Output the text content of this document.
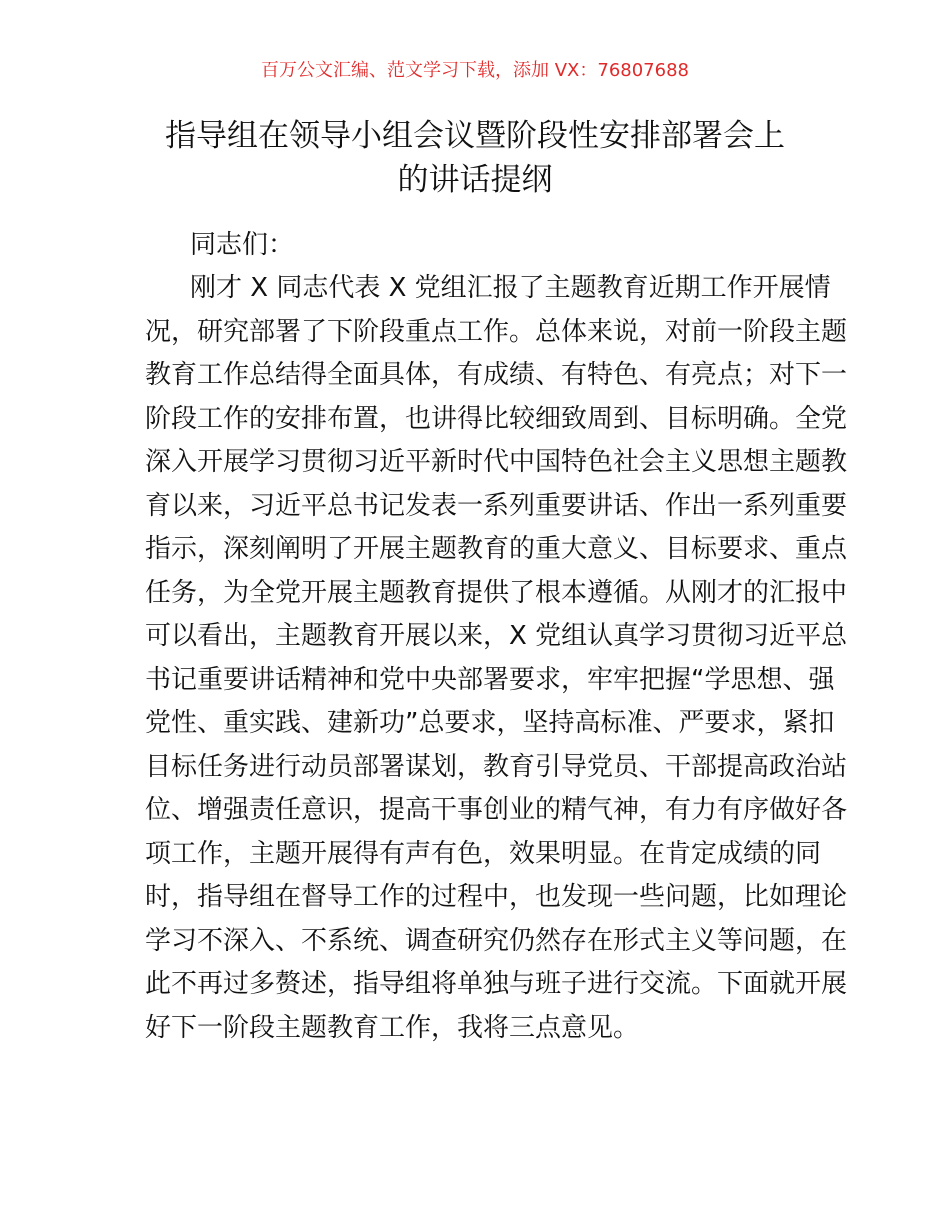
百万公文汇编、范文学习下载，添加 VX：76807688
指导组在领导小组会议暨阶段性安排部署会上
的讲话提纲
同志们：
刚才 X 同志代表 X 党组汇报了主题教育近期工作开展情
况，研究部署了下阶段重点工作。总体来说，对前一阶段主题
教育工作总结得全面具体，有成绩、有特色、有亮点；对下一
阶段工作的安排布置，也讲得比较细致周到、目标明确。全党
深入开展学习贯彻习近平新时代中国特色社会主义思想主题教
育以来，习近平总书记发表一系列重要讲话、作出一系列重要
指示，深刻阐明了开展主题教育的重大意义、目标要求、重点
任务，为全党开展主题教育提供了根本遵循。从刚才的汇报中
可以看出，主题教育开展以来，X 党组认真学习贯彻习近平总
书记重要讲话精神和党中央部署要求，牢牢把握“学思想、强
党性、重实践、建新功”总要求，坚持高标准、严要求，紧扣
目标任务进行动员部署谋划，教育引导党员、干部提高政治站
位、增强责任意识，提高干事创业的精气神，有力有序做好各
项工作，主题开展得有声有色，效果明显。在肯定成绩的同
时，指导组在督导工作的过程中，也发现一些问题，比如理论
学习不深入、不系统、调查研究仍然存在形式主义等问题，在
此不再过多赘述，指导组将单独与班子进行交流。下面就开展
好下一阶段主题教育工作，我将三点意见。
